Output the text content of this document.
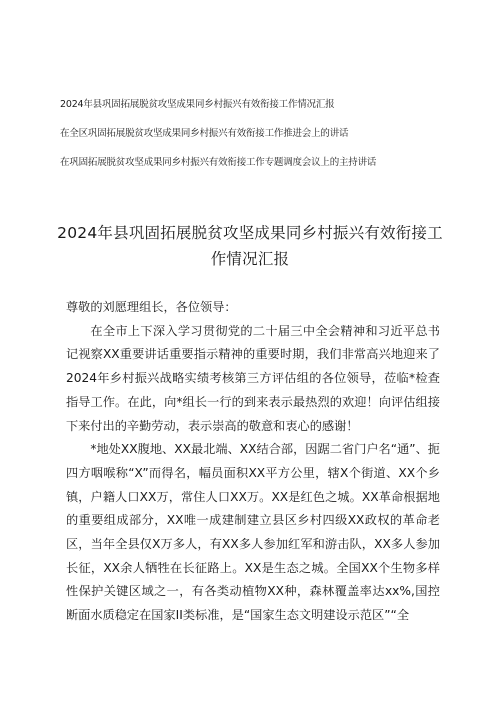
2024年县巩固拓展脱贫攻坚成果同乡村振兴有效衔接工作情况汇报
在全区巩固拓展脱贫攻坚成果同乡村振兴有效衔接工作推进会上的讲话
在巩固拓展脱贫攻坚成果同乡村振兴有效衔接工作专题调度会议上的主持讲话
2024年县巩固拓展脱贫攻坚成果同乡村振兴有效衔接工
作情况汇报

尊敬的刘愿理组长，各位领导：

在全市上下深入学习贯彻党的二十届三中全会精神和习近平总书记视察XX重要讲话重要指示精神的重要时期，我们非常高兴地迎来了2024年乡村振兴战略实绩考核第三方评估组的各位领导，莅临*检查指导工作。在此，向*组长一行的到来表示最热烈的欢迎！向评估组接下来付出的辛勤劳动，表示崇高的敬意和衷心的感谢！

*地处XX腹地、XX最北端、XX结合部，因踞二省门户名“通”、扼四方咽喉称“X”而得名，幅员面积XX平方公里，辖X个街道、XX个乡镇，户籍人口XX万，常住人口XX万。XX是红色之城。XX革命根据地的重要组成部分，XX唯一成建制建立县区乡村四级XX政权的革命老区，当年全县仅X万多人，有XX多人参加红军和游击队，XX多人参加长征，XX余人牺牲在长征路上。XX是生态之城。全国XX个生物多样性保护关键区域之一，有各类动植物XX种，森林覆盖率达xx%,国控断面水质稳定在国家II类标准，是“国家生态文明建设示范区”“全
